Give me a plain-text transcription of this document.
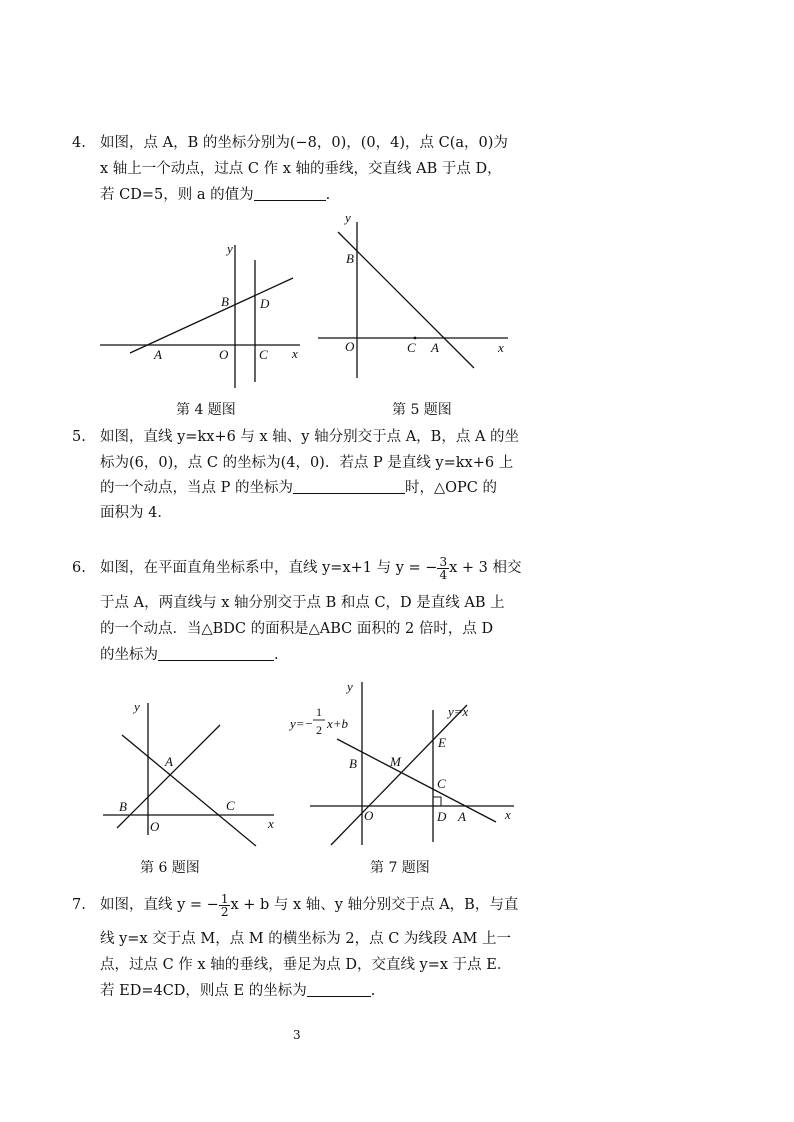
4. 如图，点 A，B 的坐标分别为(−8，0)，(0，4)，点 C(a，0)为
x 轴上一个动点，过点 C 作 x 轴的垂线，交直线 AB 于点 D，
若 CD=5，则 a 的值为	.
y
x
A	O C
B D
第 4 题图
y
x
B
O	C A
第 5 题图
5. 如图，直线 y=kx+6 与 x 轴、y 轴分别交于点 A，B，点 A 的坐
标为(6，0)，点 C 的坐标为(4，0)．若点 P 是直线 y=kx+6 上
的一个动点，当点 P 的坐标为	时，△OPC 的
面积为 4．
6. 如图，在平面直角坐标系中，直线 y=x+1 与 y = − $\frac{3}{4}$ x + 3 相交
于点 A，两直线与 x 轴分别交于点 B 和点 C，D 是直线 AB 上
的一个动点．当△BDC 的面积是△ABC 面积的 2 倍时，点 D
的坐标为	.
y
x
A
B
O
C
第 6 题图
y
x
y=−
1
2 x+b
y=x
E
B	M
C
O	D A
第 7 题图
7. 如图，直线 y = − $\frac{1}{2}$ x + b 与 x 轴、y 轴分别交于点 A，B，与直
线 y=x 交于点 M，点 M 的横坐标为 2，点 C 为线段 AM 上一
点，过点 C 作 x 轴的垂线，垂足为点 D，交直线 y=x 于点 E．
若 ED=4CD，则点 E 的坐标为	.
3
